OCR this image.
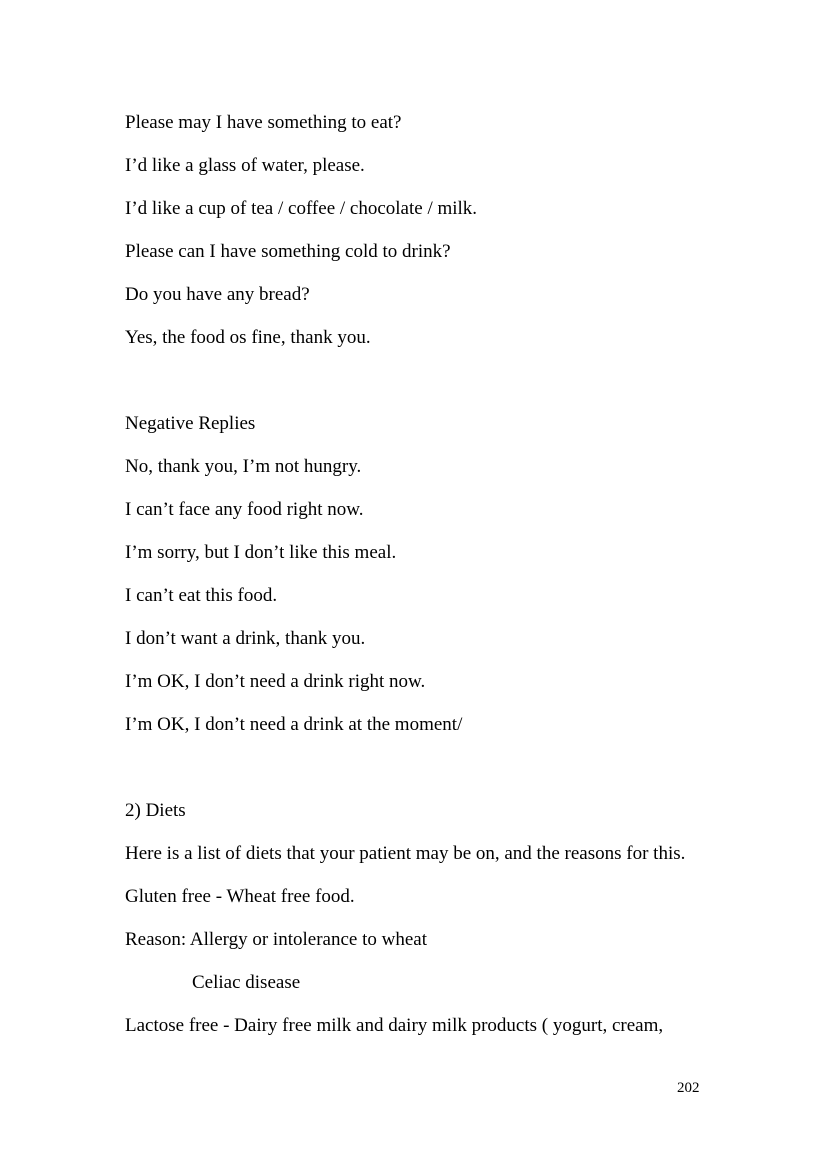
Please may I have something to eat?
I’d like a glass of water, please.
I’d like a cup of tea / coffee / chocolate / milk.
Please can I have something cold to drink?
Do you have any bread?
Yes, the food os fine, thank you.
Negative Replies
No, thank you, I’m not hungry.
I can’t face any food right now.
I’m sorry, but I don’t like this meal.
I can’t eat this food.
I don’t want a drink, thank you.
I’m OK, I don’t need a drink right now.
I’m OK, I don’t need a drink at the moment/
2) Diets
Here is a list of diets that your patient may be on, and the reasons for this.
Gluten free - Wheat free food.
Reason: Allergy or intolerance to wheat
Celiac disease
Lactose free - Dairy free milk and dairy milk products ( yogurt, cream,
202
